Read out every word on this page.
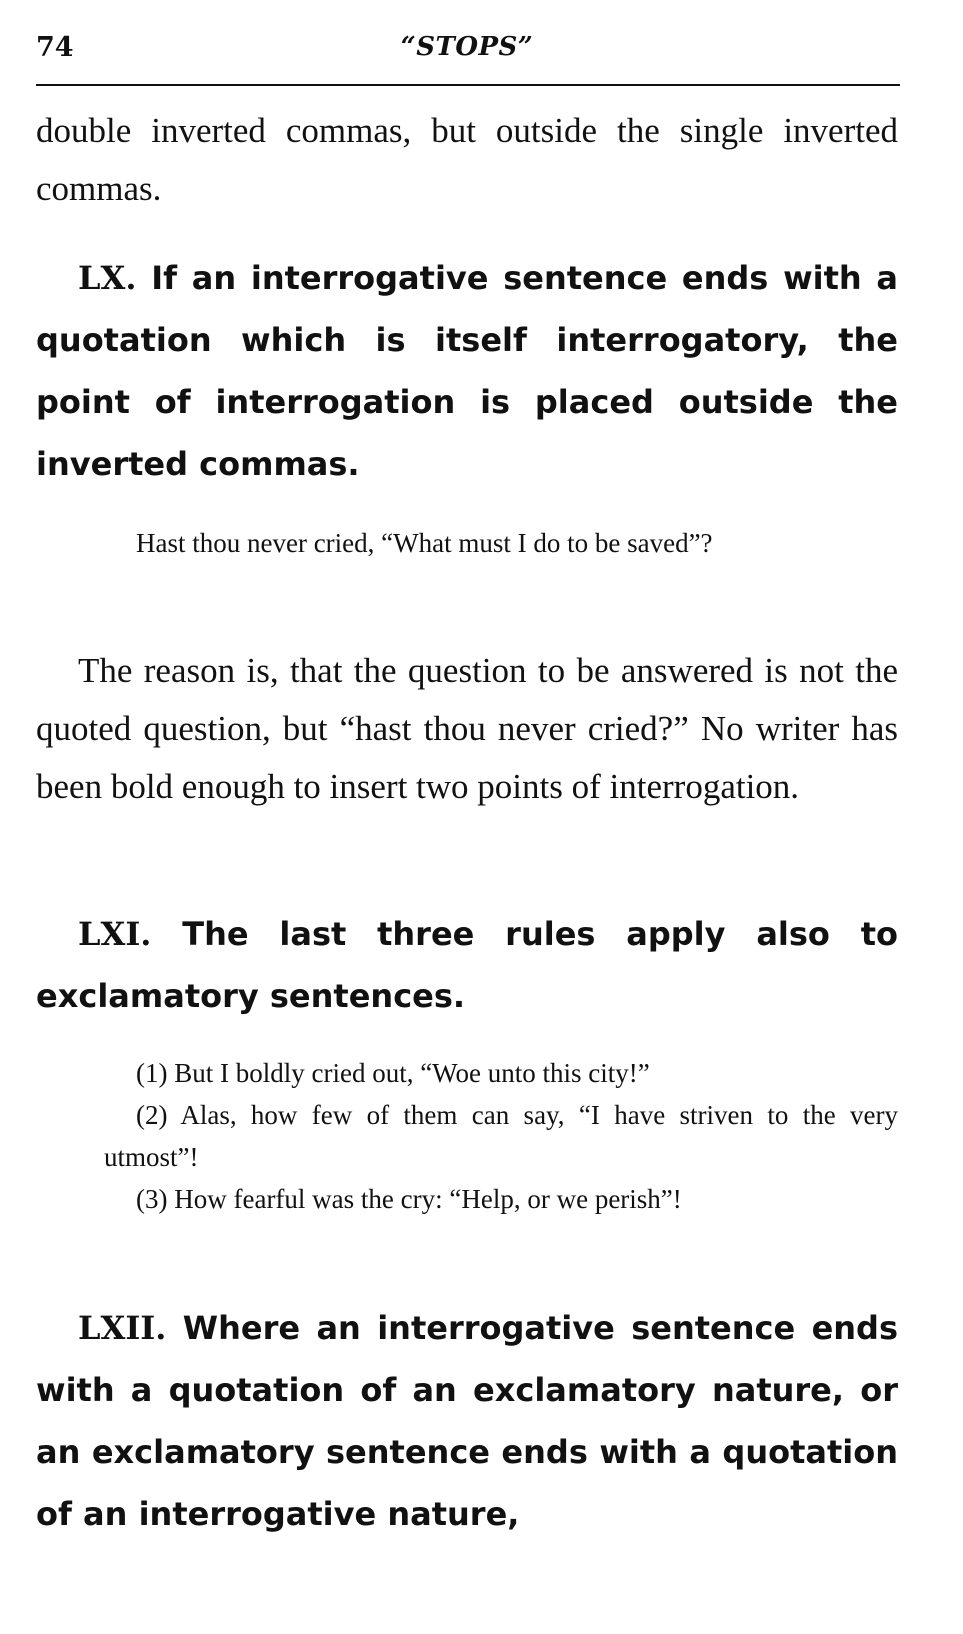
74	“STOPS”

double inverted commas, but outside the single inverted commas.

LX. If an interrogative sentence ends with a quotation which is itself interrogatory, the point of interrogation is placed outside the inverted commas.

Hast thou never cried, “What must I do to be saved”?

The reason is, that the question to be answered is not the quoted question, but “hast thou never cried?” No writer has been bold enough to insert two points of interrogation.

LXI. The last three rules apply also to exclamatory sentences.

(1) But I boldly cried out, “Woe unto this city!”
(2) Alas, how few of them can say, “I have striven to the very utmost”!
(3) How fearful was the cry: “Help, or we perish”!

LXII. Where an interrogative sentence ends with a quotation of an exclamatory nature, or an exclamatory sentence ends with a quotation of an interrogative nature,
